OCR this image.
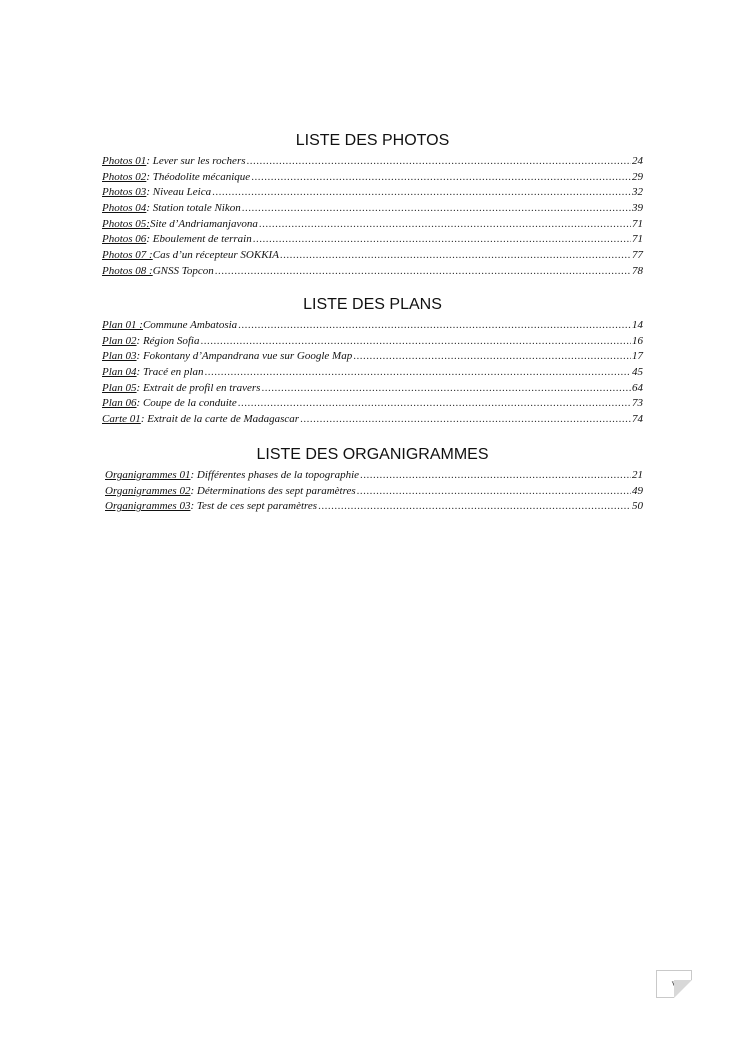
LISTE DES PHOTOS
Photos 01 : Lever sur les rochers .....	24
Photos 02 : Théodolite mécanique .....	29
Photos 03 : Niveau Leica .....	32
Photos 04 : Station totale Nikon .....	39
Photos 05: Site d’Andriamanjavona .....	71
Photos 06 : Eboulement de terrain .....	71
Photos 07 : Cas d’un récepteur SOKKIA .....	77
Photos 08 : GNSS Topcon .....	78
LISTE DES PLANS
Plan 01 : Commune Ambatosia .....	14
Plan 02 : Région Sofia .....	16
Plan 03 : Fokontany d’Ampandrana vue sur Google Map .....	17
Plan 04 : Tracé en plan .....	45
Plan 05 : Extrait de profil en travers .....	64
Plan 06 : Coupe de la conduite .....	73
Carte 01 : Extrait de la carte de Madagascar .....	74
LISTE DES ORGANIGRAMMES
Organigrammes 01 : Différentes phases de la topographie .....	21
Organigrammes 02 : Déterminations des sept paramètres .....	49
Organigrammes 03 : Test de ces sept paramètres .....	50
v
